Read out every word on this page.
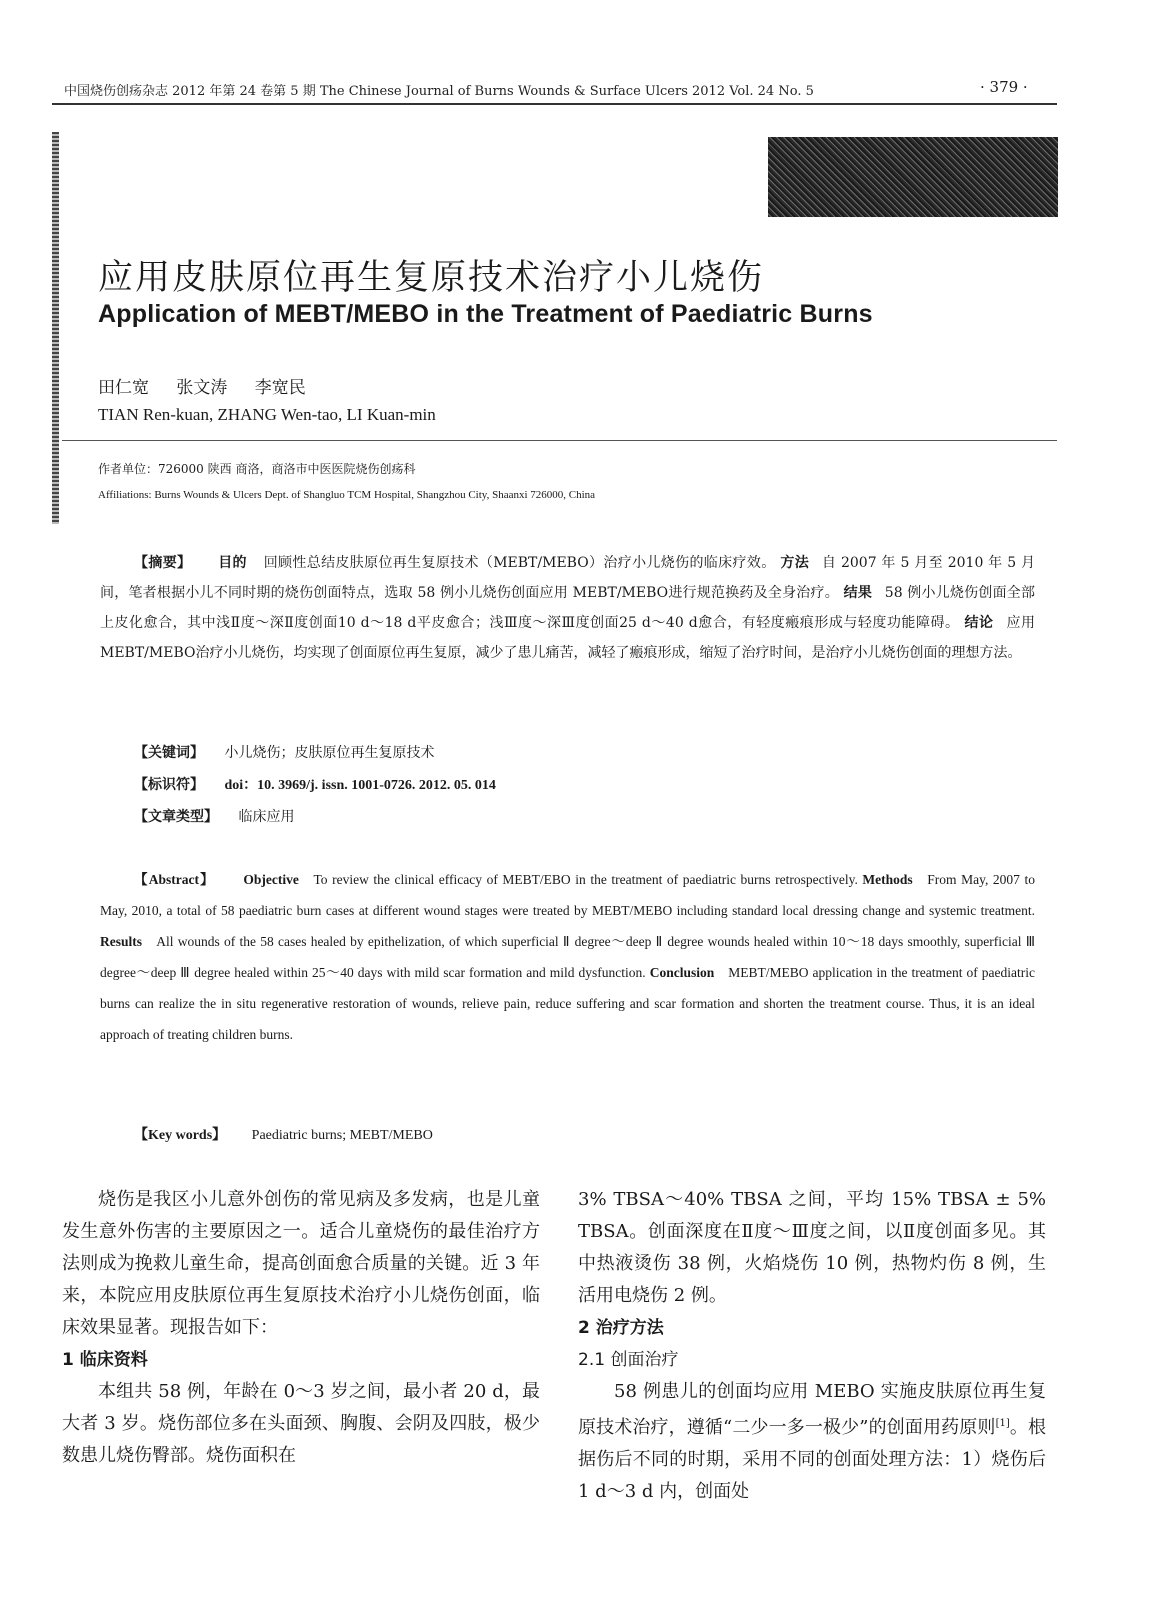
中国烧伤创疡杂志 2012 年第 24 卷第 5 期 The Chinese Journal of Burns Wounds & Surface Ulcers 2012 Vol. 24 No. 5	· 379 ·
应用皮肤原位再生复原技术治疗小儿烧伤
Application of MEBT/MEBO in the Treatment of Paediatric Burns
田仁宽 张文涛 李宽民
TIAN Ren-kuan, ZHANG Wen-tao, LI Kuan-min
作者单位：726000 陕西 商洛，商洛市中医医院烧伤创疡科
Affiliations: Burns Wounds & Ulcers Dept. of Shangluo TCM Hospital, Shangzhou City, Shaanxi 726000, China
【摘要】 目的 回顾性总结皮肤原位再生复原技术（MEBT/MEBO）治疗小儿烧伤的临床疗效。 方法 自 2007 年 5 月至 2010 年 5 月间，笔者根据小儿不同时期的烧伤创面特点，选取 58 例小儿烧伤创面应用 MEBT/MEBO进行规范换药及全身治疗。 结果 58 例小儿烧伤创面全部上皮化愈合，其中浅Ⅱ度～深Ⅱ度创面10 d～18 d平皮愈合；浅Ⅲ度～深Ⅲ度创面25 d～40 d愈合，有轻度瘢痕形成与轻度功能障碍。 结论 应用 MEBT/MEBO治疗小儿烧伤，均实现了创面原位再生复原，减少了患儿痛苦，减轻了瘢痕形成，缩短了治疗时间，是治疗小儿烧伤创面的理想方法。
【关键词】 小儿烧伤；皮肤原位再生复原技术
【标识符】 doi：10. 3969/j. issn. 1001-0726. 2012. 05. 014
【文章类型】 临床应用
【Abstract】 Objective To review the clinical efficacy of MEBT/EBO in the treatment of paediatric burns retrospectively. Methods From May, 2007 to May, 2010, a total of 58 paediatric burn cases at different wound stages were treated by MEBT/MEBO including standard local dressing change and systemic treatment. Results All wounds of the 58 cases healed by epithelization, of which superficial Ⅱ degree～deep Ⅱ degree wounds healed within 10～18 days smoothly, superficial Ⅲ degree～deep Ⅲ degree healed within 25～40 days with mild scar formation and mild dysfunction. Conclusion MEBT/MEBO application in the treatment of paediatric burns can realize the in situ regenerative restoration of wounds, relieve pain, reduce suffering and scar formation and shorten the treatment course. Thus, it is an ideal approach of treating children burns.
【Key words】 Paediatric burns; MEBT/MEBO

烧伤是我区小儿意外创伤的常见病及多发病，也是儿童发生意外伤害的主要原因之一。适合儿童烧伤的最佳治疗方法则成为挽救儿童生命，提高创面愈合质量的关键。近 3 年来，本院应用皮肤原位再生复原技术治疗小儿烧伤创面，临床效果显著。现报告如下：

1 临床资料

本组共 58 例，年龄在 0～3 岁之间，最小者 20 d，最大者 3 岁。烧伤部位多在头面颈、胸腹、会阴及四肢，极少数患儿烧伤臀部。烧伤面积在

3% TBSA～40% TBSA 之间，平均 15% TBSA ± 5% TBSA。创面深度在Ⅱ度～Ⅲ度之间，以Ⅱ度创面多见。其中热液烫伤 38 例，火焰烧伤 10 例，热物灼伤 8 例，生活用电烧伤 2 例。

2 治疗方法

2.1 创面治疗

58 例患儿的创面均应用 MEBO 实施皮肤原位再生复原技术治疗，遵循“二少一多一极少”的创面用药原则[1]。根据伤后不同的时期，采用不同的创面处理方法：1）烧伤后 1 d～3 d 内，创面处
